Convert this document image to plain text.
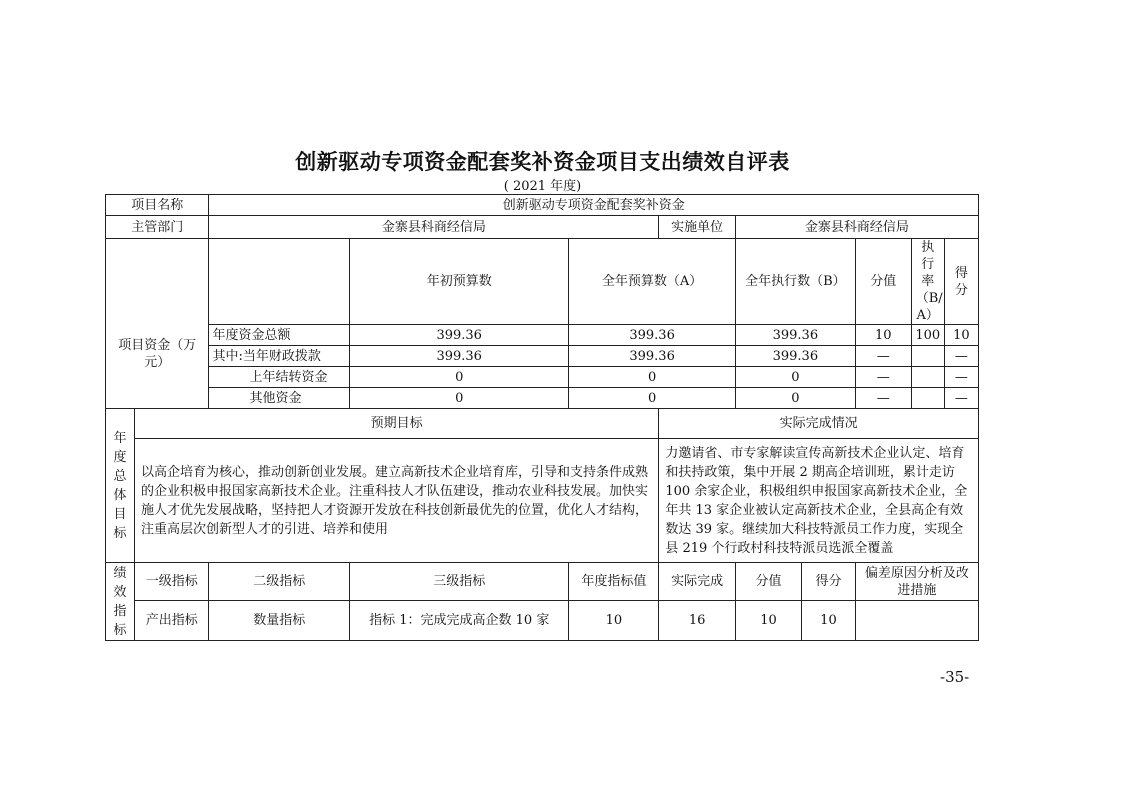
创新驱动专项资金配套奖补资金项目支出绩效自评表
( 2021 年度)
项目名称		创新驱动专项资金配套奖补资金								
主管部门		金寨县科商经信局			实施单位	金寨县科商经信局				
项目资金（万元）			年初预算数	全年预算数（A）		全年执行数（B）		分值	执行率（B/A）	得分
		年度资金总额	399.36	399.36		399.36		10	100	10
		其中:当年财政拨款	399.36	399.36		399.36		—		—
		上年结转资金	0	0		0		—		—
		其他资金	0	0		0		—		—

年度总体目标	预期目标				实际完成情况					
	以高企培育为核心，推动创新创业发展。建立高新技术企业培育库，引导和支持条件成熟的企业积极申报国家高新技术企业。注重科技人才队伍建设，推动农业科技发展。加快实施人才优先发展战略，坚持把人才资源开发放在科技创新最优先的位置，优化人才结构，注重高层次创新型人才的引进、培养和使用				力邀请省、市专家解读宣传高新技术企业认定、培育和扶持政策，集中开展 2 期高企培训班，累计走访 100 余家企业，积极组织申报国家高新技术企业，全年共 13 家企业被认定高新技术企业，全县高企有效数达 39 家。继续加大科技特派员工作力度，实现全县 219 个行政村科技特派员选派全覆盖					

绩效指标	一级指标	二级指标	三级指标	年度指标值	实际完成	分值	得分	偏差原因分析及改进措施		
	产出指标	数量指标	指标 1：完成完成高企数 10 家	10	16	10	10			
-35-
